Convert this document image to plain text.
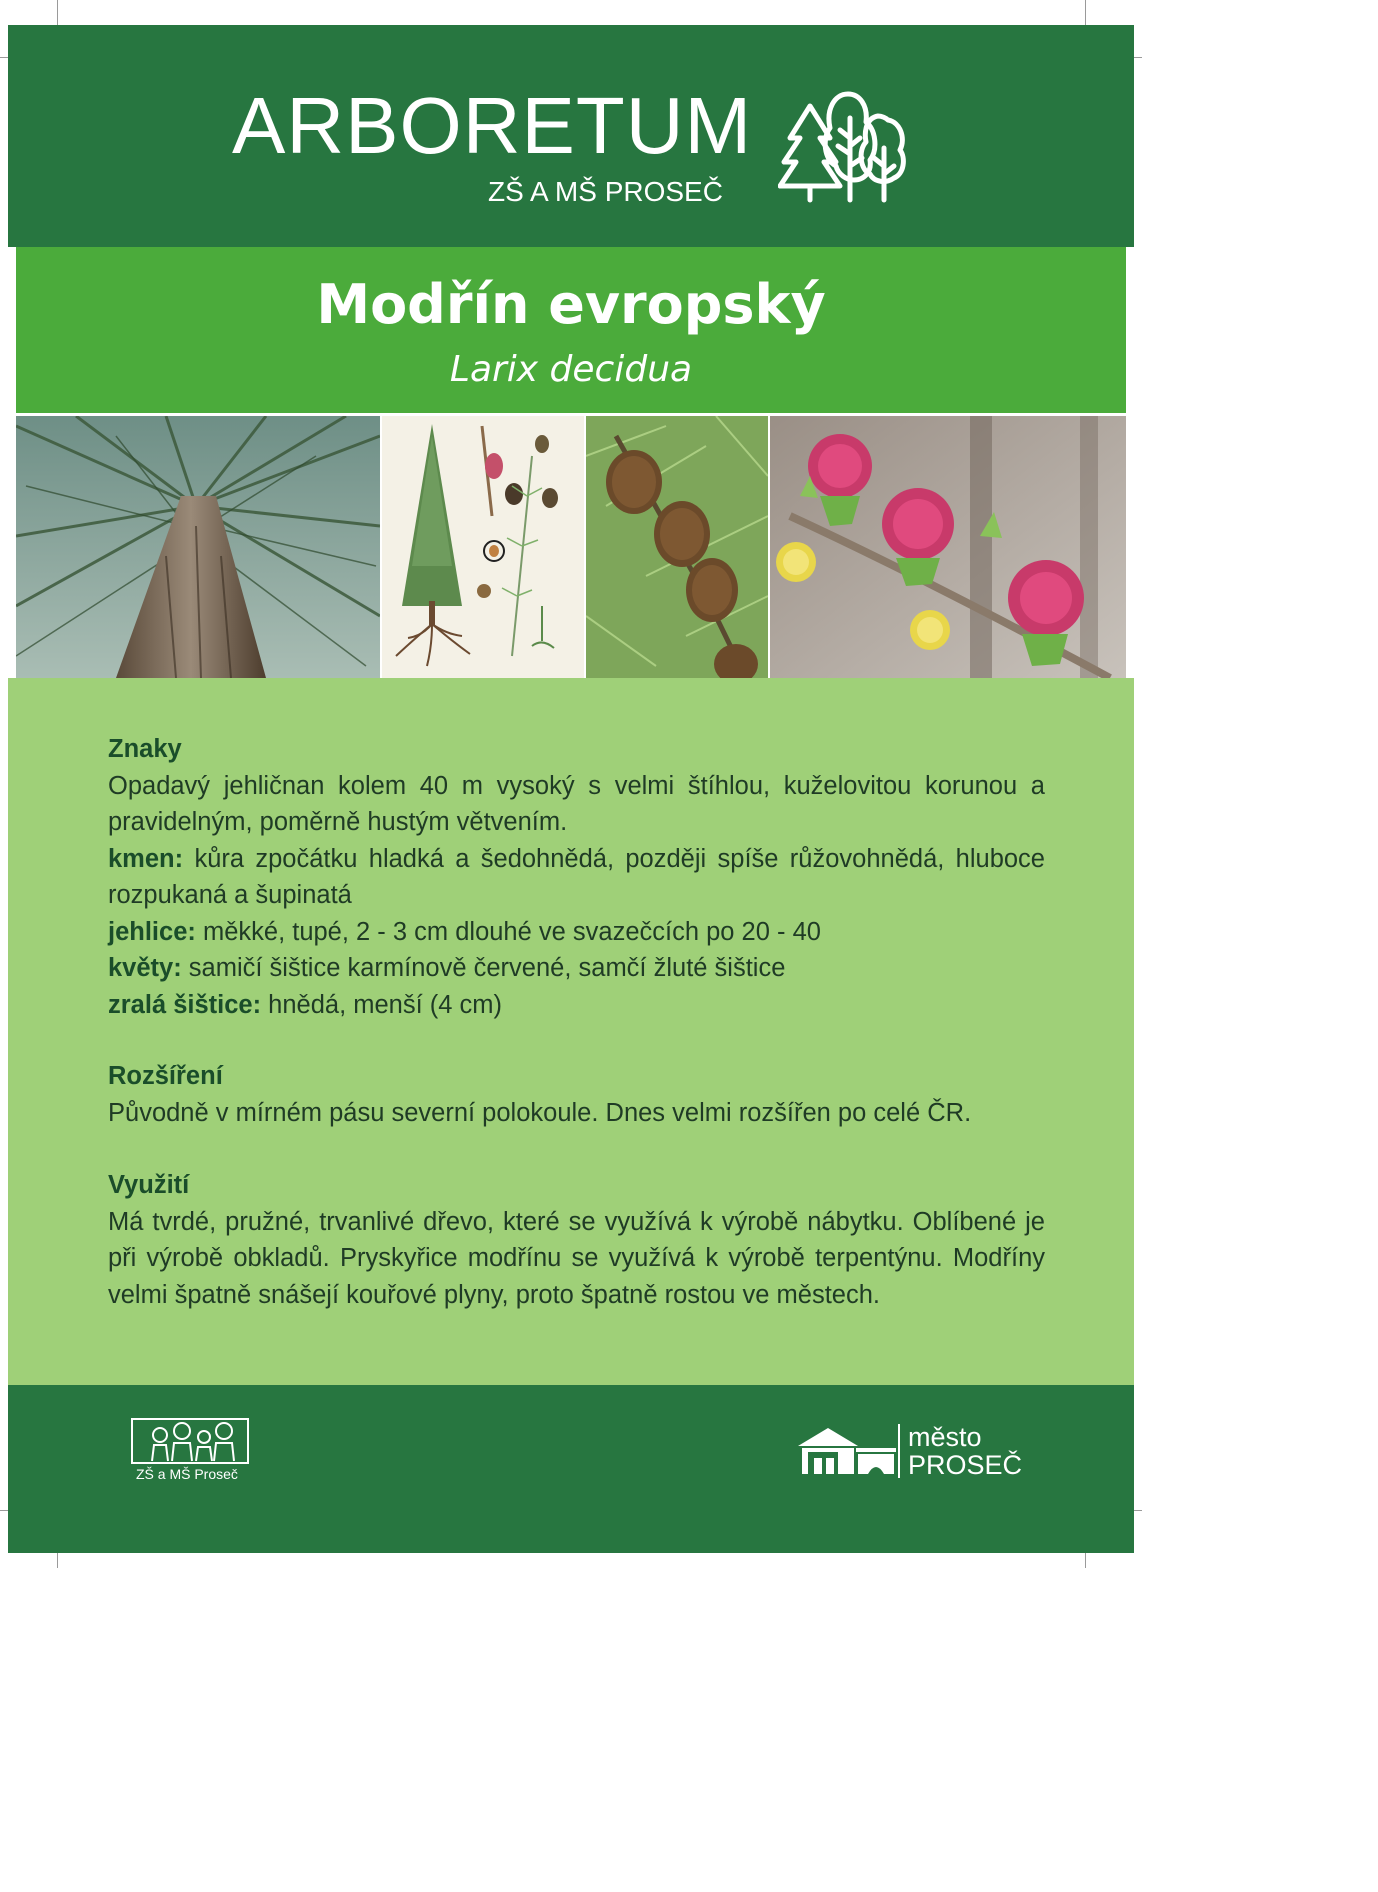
ARBORETUM
ZŠ A MŠ PROSEČ
Modřín evropský
Larix decidua
Znaky
Opadavý jehličnan kolem 40 m vysoký s velmi štíhlou, kuželovitou korunou a pravidelným, poměrně hustým větvením.
kmen: kůra zpočátku hladká a šedohnědá, později spíše růžovohnědá, hluboce rozpukaná a šupinatá
jehlice: měkké, tupé, 2 - 3 cm dlouhé ve svazečcích po 20 - 40
květy: samičí šištice karmínově červené, samčí žluté šištice
zralá šištice: hnědá, menší (4 cm)
Rozšíření
Původně v mírném pásu severní polokoule. Dnes velmi rozšířen po celé ČR.
Využití
Má tvrdé, pružné, trvanlivé dřevo, které se využívá k výrobě nábytku. Oblíbené je při výrobě obkladů. Pryskyřice modřínu se využívá k výrobě terpentýnu. Modříny velmi špatně snášejí kouřové plyny, proto špatně rostou ve městech.
ZŠ a MŠ Proseč
město
PROSEČ
